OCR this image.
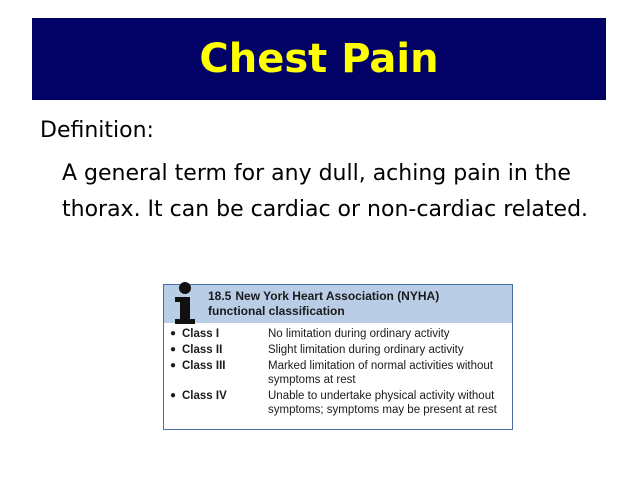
Chest Pain
Definition:
A general term for any dull, aching pain in the thorax. It can be cardiac or non-cardiac related.
18.5 New York Heart Association (NYHA) functional classification
● Class I	No limitation during ordinary activity
● Class II	Slight limitation during ordinary activity
● Class III	Marked limitation of normal activities without symptoms at rest
● Class IV	Unable to undertake physical activity without symptoms; symptoms may be present at rest
